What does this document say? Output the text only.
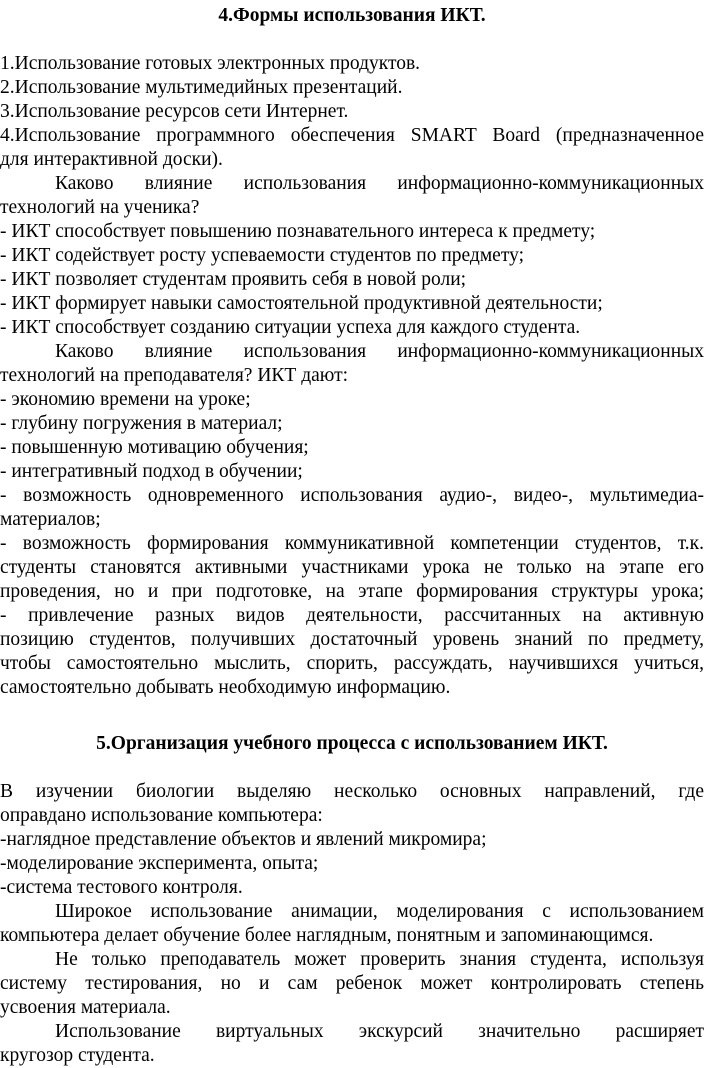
4.Формы использования ИКТ.
1.Использование готовых электронных продуктов.
2.Использование мультимедийных презентаций.
3.Использование ресурсов сети Интернет.
4.Использование программного обеспечения SMART Board (предназначенное
для интерактивной доски).
Каково влияние использования информационно-коммуникационных
технологий на ученика?
- ИКТ способствует повышению познавательного интереса к предмету;
- ИКТ содействует росту успеваемости студентов по предмету;
- ИКТ позволяет студентам проявить себя в новой роли;
- ИКТ формирует навыки самостоятельной продуктивной деятельности;
- ИКТ способствует созданию ситуации успеха для каждого студента.
Каково влияние использования информационно-коммуникационных
технологий на преподавателя? ИКТ дают:
- экономию времени на уроке;
- глубину погружения в материал;
- повышенную мотивацию обучения;
- интегративный подход в обучении;
- возможность одновременного использования аудио-, видео-, мультимедиа-
материалов;
- возможность формирования коммуникативной компетенции студентов, т.к.
студенты становятся активными участниками урока не только на этапе его
проведения, но и при подготовке, на этапе формирования структуры урока;
- привлечение разных видов деятельности, рассчитанных на активную
позицию студентов, получивших достаточный уровень знаний по предмету,
чтобы самостоятельно мыслить, спорить, рассуждать, научившихся учиться,
самостоятельно добывать необходимую информацию.
5.Организация учебного процесса с использованием ИКТ.
В изучении биологии выделяю несколько основных направлений, где
оправдано использование компьютера:
-наглядное представление объектов и явлений микромира;
-моделирование эксперимента, опыта;
-система тестового контроля.
Широкое использование анимации, моделирования с использованием
компьютера делает обучение более наглядным, понятным и запоминающимся.
Не только преподаватель может проверить знания студента, используя
систему тестирования, но и сам ребенок может контролировать степень
усвоения материала.
Использование виртуальных экскурсий значительно расширяет
кругозор студента.
